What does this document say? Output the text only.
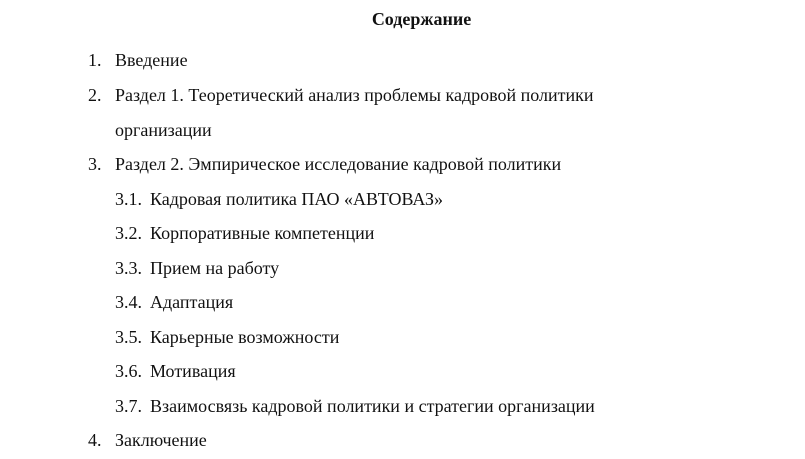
Содержание
1. Введение
2. Раздел 1. Теоретический анализ проблемы кадровой политики
организации
3. Раздел 2. Эмпирическое исследование кадровой политики
3.1. Кадровая политика ПАО «АВТОВАЗ»
3.2. Корпоративные компетенции
3.3. Прием на работу
3.4. Адаптация
3.5. Карьерные возможности
3.6. Мотивация
3.7. Взаимосвязь кадровой политики и стратегии организации
4. Заключение
